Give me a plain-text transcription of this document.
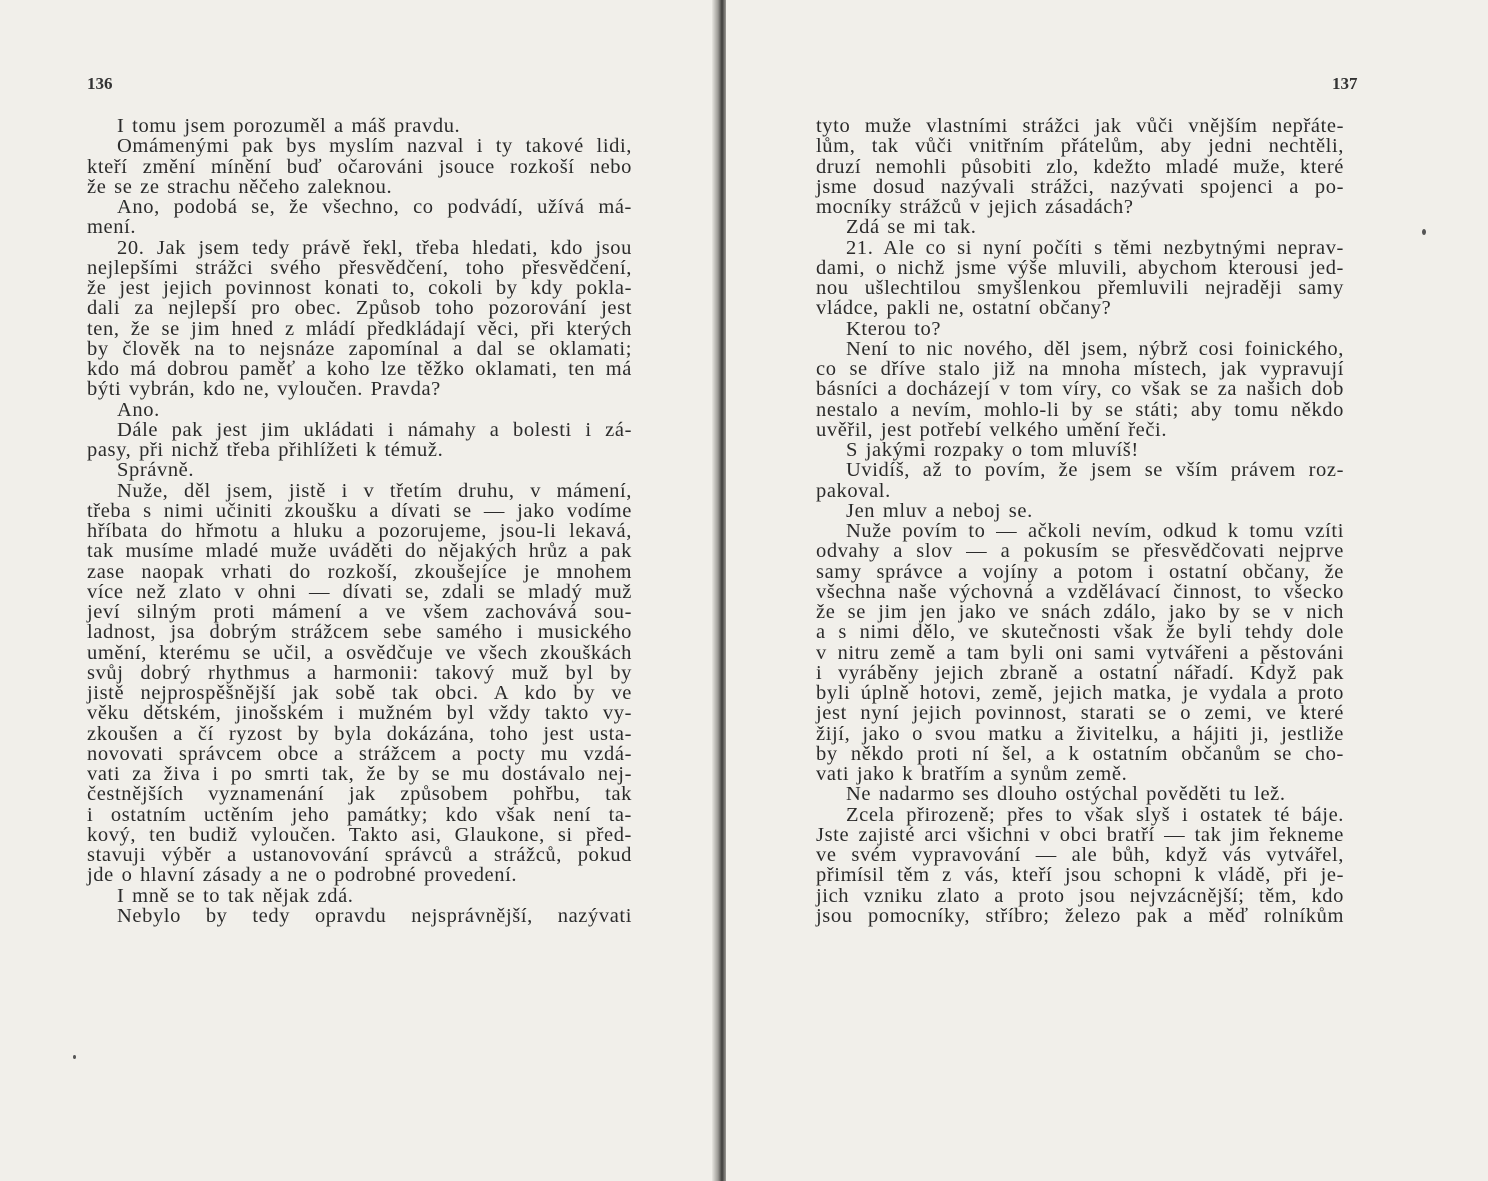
136
I tomu jsem porozuměl a máš pravdu.
Omámenými pak bys myslím nazval i ty takové lidi,
kteří změní mínění buď očarováni jsouce rozkoší nebo
že se ze strachu něčeho zaleknou.
Ano, podobá se, že všechno, co podvádí, užívá má-
mení.
20. Jak jsem tedy právě řekl, třeba hledati, kdo jsou
nejlepšími strážci svého přesvědčení, toho přesvědčení,
že jest jejich povinnost konati to, cokoli by kdy pokla-
dali za nejlepší pro obec. Způsob toho pozorování jest
ten, že se jim hned z mládí předkládají věci, při kterých
by člověk na to nejsnáze zapomínal a dal se oklamati;
kdo má dobrou paměť a koho lze těžko oklamati, ten má
býti vybrán, kdo ne, vyloučen. Pravda?
Ano.
Dále pak jest jim ukládati i námahy a bolesti i zá-
pasy, při nichž třeba přihlížeti k témuž.
Správně.
Nuže, děl jsem, jistě i v třetím druhu, v mámení,
třeba s nimi učiniti zkoušku a dívati se — jako vodíme
hříbata do hřmotu a hluku a pozorujeme, jsou-li lekavá,
tak musíme mladé muže uváděti do nějakých hrůz a pak
zase naopak vrhati do rozkoší, zkoušejíce je mnohem
více než zlato v ohni — dívati se, zdali se mladý muž
jeví silným proti mámení a ve všem zachovává sou-
ladnost, jsa dobrým strážcem sebe samého i musického
umění, kterému se učil, a osvědčuje ve všech zkouškách
svůj dobrý rhythmus a harmonii: takový muž byl by
jistě nejprospěšnější jak sobě tak obci. A kdo by ve
věku dětském, jinošském i mužném byl vždy takto vy-
zkoušen a čí ryzost by byla dokázána, toho jest usta-
novovati správcem obce a strážcem a pocty mu vzdá-
vati za živa i po smrti tak, že by se mu dostávalo nej-
čestnějších vyznamenání jak způsobem pohřbu, tak
i ostatním uctěním jeho památky; kdo však není ta-
kový, ten budiž vyloučen. Takto asi, Glaukone, si před-
stavuji výběr a ustanovování správců a strážců, pokud
jde o hlavní zásady a ne o podrobné provedení.
I mně se to tak nějak zdá.
Nebylo by tedy opravdu nejsprávnější, nazývati
137
tyto muže vlastními strážci jak vůči vnějším nepřáte-
lům, tak vůči vnitřním přátelům, aby jedni nechtěli,
druzí nemohli působiti zlo, kdežto mladé muže, které
jsme dosud nazývali strážci, nazývati spojenci a po-
mocníky strážců v jejich zásadách?
Zdá se mi tak.
21. Ale co si nyní počíti s těmi nezbytnými neprav-
dami, o nichž jsme výše mluvili, abychom kterousi jed-
nou ušlechtilou smyšlenkou přemluvili nejraději samy
vládce, pakli ne, ostatní občany?
Kterou to?
Není to nic nového, děl jsem, nýbrž cosi foinického,
co se dříve stalo již na mnoha místech, jak vypravují
básníci a docházejí v tom víry, co však se za našich dob
nestalo a nevím, mohlo-li by se státi; aby tomu někdo
uvěřil, jest potřebí velkého umění řeči.
S jakými rozpaky o tom mluvíš!
Uvidíš, až to povím, že jsem se vším právem roz-
pakoval.
Jen mluv a neboj se.
Nuže povím to — ačkoli nevím, odkud k tomu vzíti
odvahy a slov — a pokusím se přesvědčovati nejprve
samy správce a vojíny a potom i ostatní občany, že
všechna naše výchovná a vzdělávací činnost, to všecko
že se jim jen jako ve snách zdálo, jako by se v nich
a s nimi dělo, ve skutečnosti však že byli tehdy dole
v nitru země a tam byli oni sami vytvářeni a pěstováni
i vyráběny jejich zbraně a ostatní nářadí. Když pak
byli úplně hotovi, země, jejich matka, je vydala a proto
jest nyní jejich povinnost, starati se o zemi, ve které
žijí, jako o svou matku a živitelku, a hájiti ji, jestliže
by někdo proti ní šel, a k ostatním občanům se cho-
vati jako k bratřím a synům země.
Ne nadarmo ses dlouho ostýchal pověděti tu lež.
Zcela přirozeně; přes to však slyš i ostatek té báje.
Jste zajisté arci všichni v obci bratří — tak jim řekneme
ve svém vypravování — ale bůh, když vás vytvářel,
přimísil těm z vás, kteří jsou schopni k vládě, při je-
jich vzniku zlato a proto jsou nejvzácnější; těm, kdo
jsou pomocníky, stříbro; železo pak a měď rolníkům
